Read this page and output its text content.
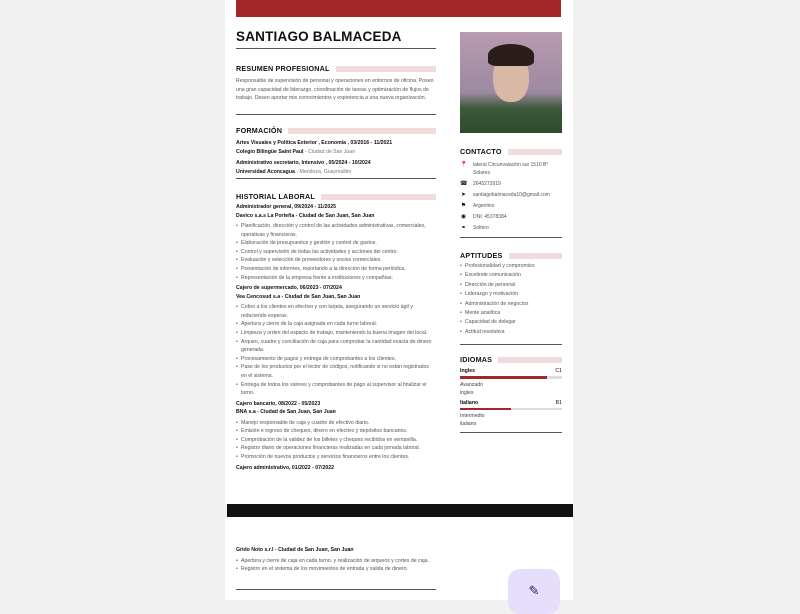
SANTIAGO BALMACEDA
RESUMEN PROFESIONAL
Responsable de supervisión de personal y operaciones en entornos de oficina. Poseo una gran capacidad de liderazgo, coordinación de tareas y optimización de flujos de trabajo. Deseo aportar mis conocimientos y experiencia a una nueva organización.
FORMACIÓN
Artes Visuales y Política Exterior , Economía , 03/2016 - 11/2021
Colegio Bilingüe Saint Paul - Ciudad de San Juan
Administrativo secretario, Intensivo , 05/2024 - 10/2024
Universidad Aconcagua - Mendoza, Guaymallén
HISTORIAL LABORAL
Administrador general, 09/2024 - 11/2025
Davico s.a.s La Porteña - Ciudad de San Juan, San Juan
• Planificación, dirección y control de las actividades administrativas, comerciales, operativas y financieras.
• Elaboración de presupuestos y gestión y control de gastos.
• Control y supervisión de todas las actividades y acciones del centro.
• Evaluación y selección de proveedores y socios comerciales.
• Presentación de informes, reportando a la dirección de forma periódica.
• Representación de la empresa frente a instituciones y compañías.
Cajero de supermercado, 06/2023 - 07/2024
Vea Cencosud s.a - Ciudad de San Juan, San Juan
• Cobro a los clientes en efectivo y con tarjeta, asegurando un servicio ágil y reduciendo esperas.
• Apertura y cierre de la caja asignada en cada turno laboral.
• Limpieza y orden del espacio de trabajo, manteniendo la buena imagen del local.
• Arqueo, cuadre y conciliación de caja para comprobar la cantidad exacta de dinero generada.
• Procesamiento de pagos y entrega de comprobantes a los clientes.
• Pase de los productos por el lector de códigos, notificando si no están registrados en el sistema.
• Entrega de todos los valores y comprobantes de pago al supervisor al finalizar el turno.
Cajero bancario, 08/2022 - 05/2023
BNA s.a - Ciudad de San Juan, San Juan
• Manejo responsable de caja y cuadre de efectivo diario.
• Emisión e ingreso de cheques, dinero en efectivo y depósitos bancarios.
• Comprobación de la validez de los billetes y cheques recibidos en ventanilla.
• Registro diario de operaciones financieras realizadas en cada jornada laboral.
• Promoción de nuevos productos y servicios financieros entre los clientes.
Cajero administrativo, 01/2022 - 07/2022
Grido Noto s.r.l - Ciudad de San Juan, San Juan
• Apertura y cierre de caja en cada turno, y realización de arqueos y cortes de caja.
• Registro en el sistema de los movimientos de entrada y salida de dinero.
CONTACTO
📍 lateral Circunvalación sur 1510 B° Solares
☎ 2645273919
➤ santiagobalmaceda10@gmail.com
⚑ Argentino
◉ DNI: 45378384
⚭ Soltero
APTITUDES
• Profesionalidad y compromiso
• Excelente comunicación
• Dirección de personal
• Liderazgo y motivación
• Administración de negocios
• Mente analítica
• Capacidad de delegar
• Actitud resolutiva
IDIOMAS
Ingles	C1
Avanzado
ingles
Italiano	B1
Intermedio
italiano
✎
